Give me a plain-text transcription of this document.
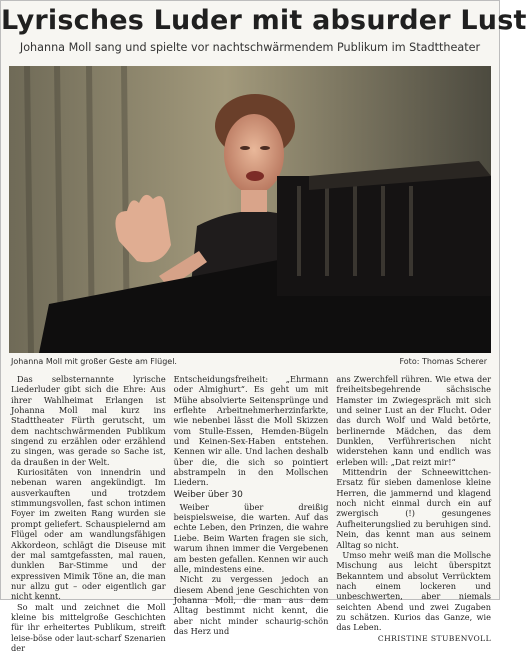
Lyrisches Luder mit absurder Lust
Johanna Moll sang und spielte vor nachtschwärmendem Publikum im Stadttheater
Johanna Moll mit großer Geste am Flügel.	Foto: Thomas Scherer

Das selbsternannte lyrische Liederluder gibt sich die Ehre: Aus ihrer Wahlheimat Erlangen ist Johanna Moll mal kurz ins Stadttheater Fürth gerutscht, um dem nachtschwärmenden Publikum singend zu erzählen oder erzählend zu singen, was gerade so Sache ist, da draußen in der Welt.

Kuriositäten von innendrin und nebenan waren angekündigt. Im ausverkauften und trotzdem stimmungsvollen, fast schon intimen Foyer im zweiten Rang wurden sie prompt geliefert. Schauspielernd am Flügel oder am wandlungsfähigen Akkordeon, schlägt die Diseuse mit der mal samtgefassten, mal rauen, dunklen Bar-Stimme und der expressiven Mimik Töne an, die man nur allzu gut – oder eigentlich gar nicht kennt.

So malt und zeichnet die Moll kleine bis mittelgroße Geschichten für ihr erheitertes Publikum, streift leise-böse oder laut-scharf Szenarien der

Entscheidungsfreiheit: „Ehrmann oder Almighurt“. Es geht um mit Mühe absolvierte Seitensprünge und erflehte Arbeitnehmerherzinfarkte, wie nebenbei lässt die Moll Skizzen vom Stulle-Essen, Hemden-Bügeln und Keinen-Sex-Haben entstehen. Kennen wir alle. Und lachen deshalb über die, die sich so pointiert abstrampeln in den Mollschen Liedern.

Weiber über 30

Weiber über dreißig beispielsweise, die warten. Auf das echte Leben, den Prinzen, die wahre Liebe. Beim Warten fragen sie sich, warum ihnen immer die Vergebenen am besten gefallen. Kennen wir auch alle, mindestens eine.

Nicht zu vergessen jedoch an diesem Abend jene Geschichten von Johanna Moll, die man aus dem Alltag bestimmt nicht kennt, die aber nicht minder schaurig-schön das Herz und

ans Zwerchfell rühren. Wie etwa der freiheitsbegehrende sächsische Hamster im Zwiegespräch mit sich und seiner Lust an der Flucht. Oder das durch Wolf und Wald betörte, berlinernde Mädchen, das dem Dunklen, Verführerischen nicht widerstehen kann und endlich was erleben will: „Dat reizt mir!“

Mittendrin der Schneewittchen-Ersatz für sieben damenlose kleine Herren, die jammernd und klagend noch nicht einmal durch ein auf zwergisch (!) gesungenes Aufheiterungslied zu beruhigen sind. Nein, das kennt man aus seinem Alltag so nicht.

Umso mehr weiß man die Mollsche Mischung aus leicht überspitzt Bekanntem und absolut Verrücktem nach einem lockeren und unbeschwerten, aber niemals seichten Abend und zwei Zugaben zu schätzen. Kurios das Ganze, wie das Leben.

CHRISTINE STUBENVOLL
